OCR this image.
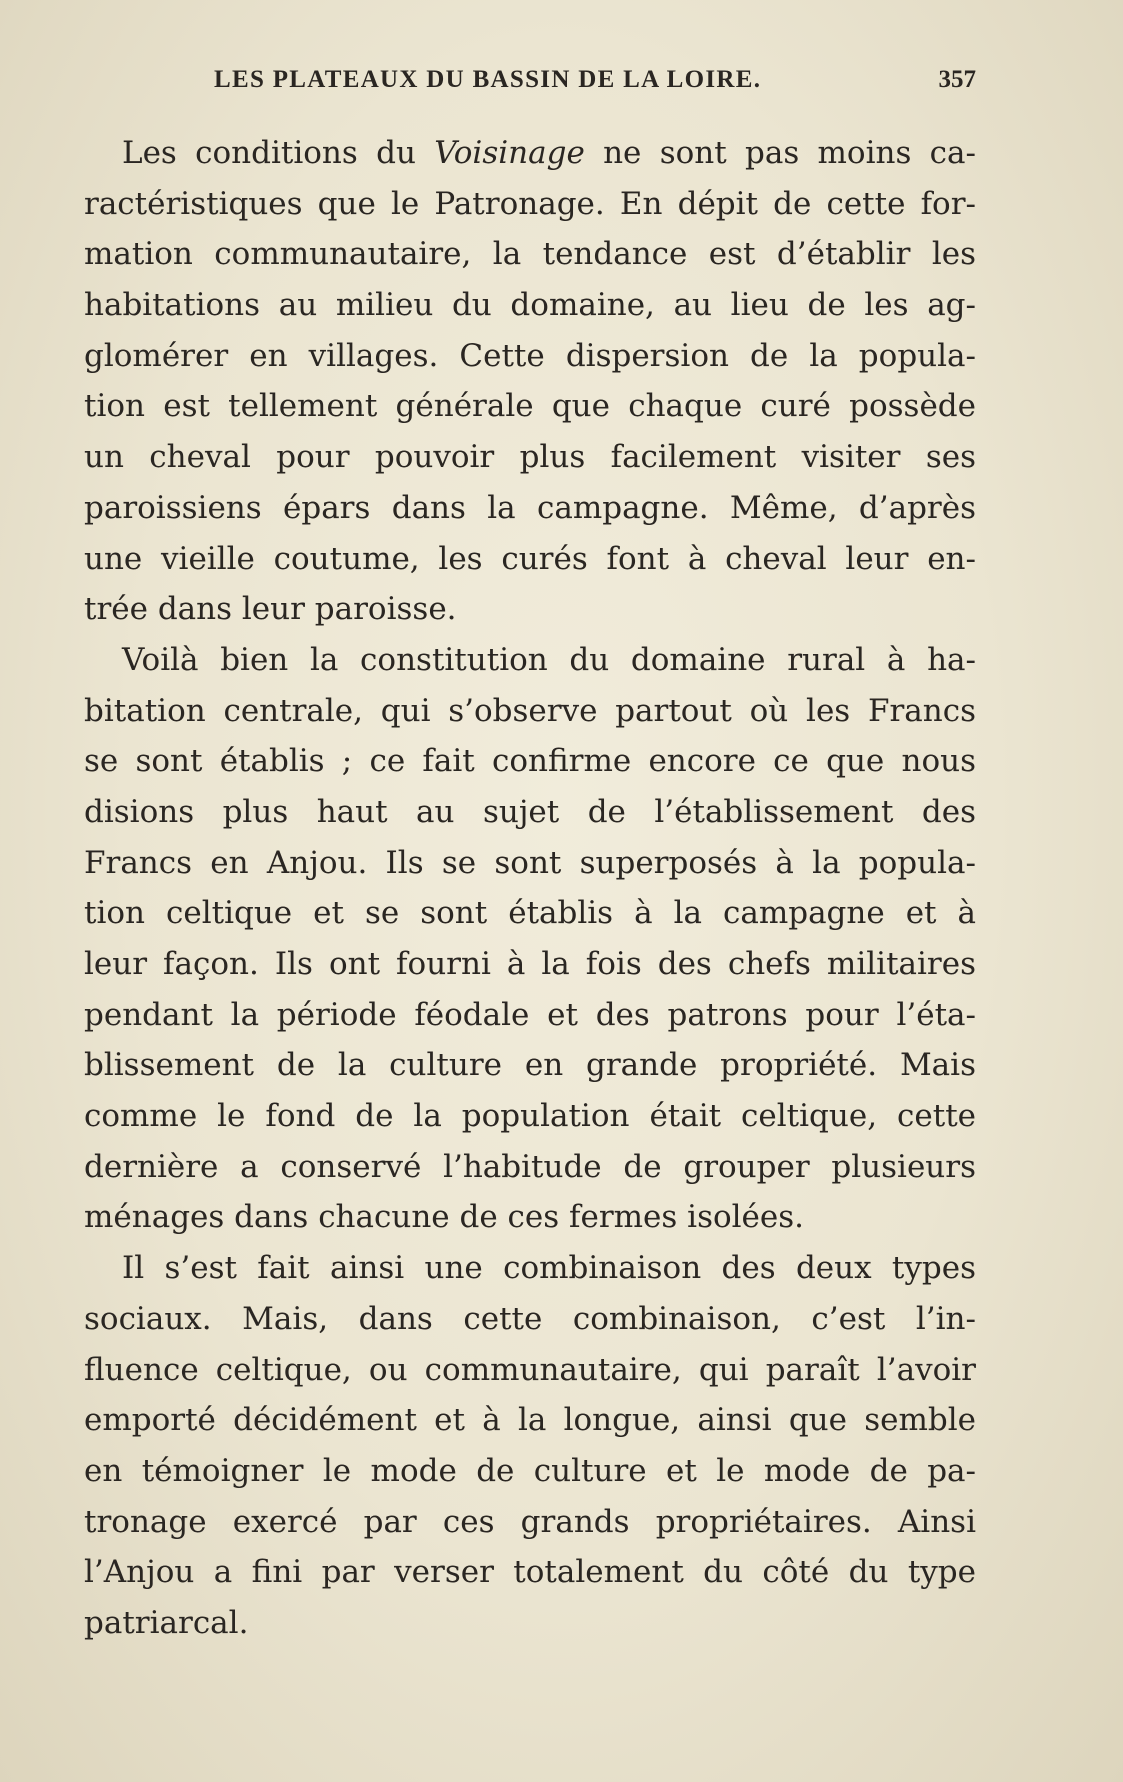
LES PLATEAUX DU BASSIN DE LA LOIRE.	357

Les conditions du Voisinage ne sont pas moins ca-
ractéristiques que le Patronage. En dépit de cette for-
mation communautaire, la tendance est d’établir les
habitations au milieu du domaine, au lieu de les ag-
glomérer en villages. Cette dispersion de la popula-
tion est tellement générale que chaque curé possède
un cheval pour pouvoir plus facilement visiter ses
paroissiens épars dans la campagne. Même, d’après
une vieille coutume, les curés font à cheval leur en-
trée dans leur paroisse.

Voilà bien la constitution du domaine rural à ha-
bitation centrale, qui s’observe partout où les Francs
se sont établis ; ce fait confirme encore ce que nous
disions plus haut au sujet de l’établissement des
Francs en Anjou. Ils se sont superposés à la popula-
tion celtique et se sont établis à la campagne et à
leur façon. Ils ont fourni à la fois des chefs militaires
pendant la période féodale et des patrons pour l’éta-
blissement de la culture en grande propriété. Mais
comme le fond de la population était celtique, cette
dernière a conservé l’habitude de grouper plusieurs
ménages dans chacune de ces fermes isolées.

Il s’est fait ainsi une combinaison des deux types
sociaux. Mais, dans cette combinaison, c’est l’in-
fluence celtique, ou communautaire, qui paraît l’avoir
emporté décidément et à la longue, ainsi que semble
en témoigner le mode de culture et le mode de pa-
tronage exercé par ces grands propriétaires. Ainsi
l’Anjou a fini par verser totalement du côté du type
patriarcal.
